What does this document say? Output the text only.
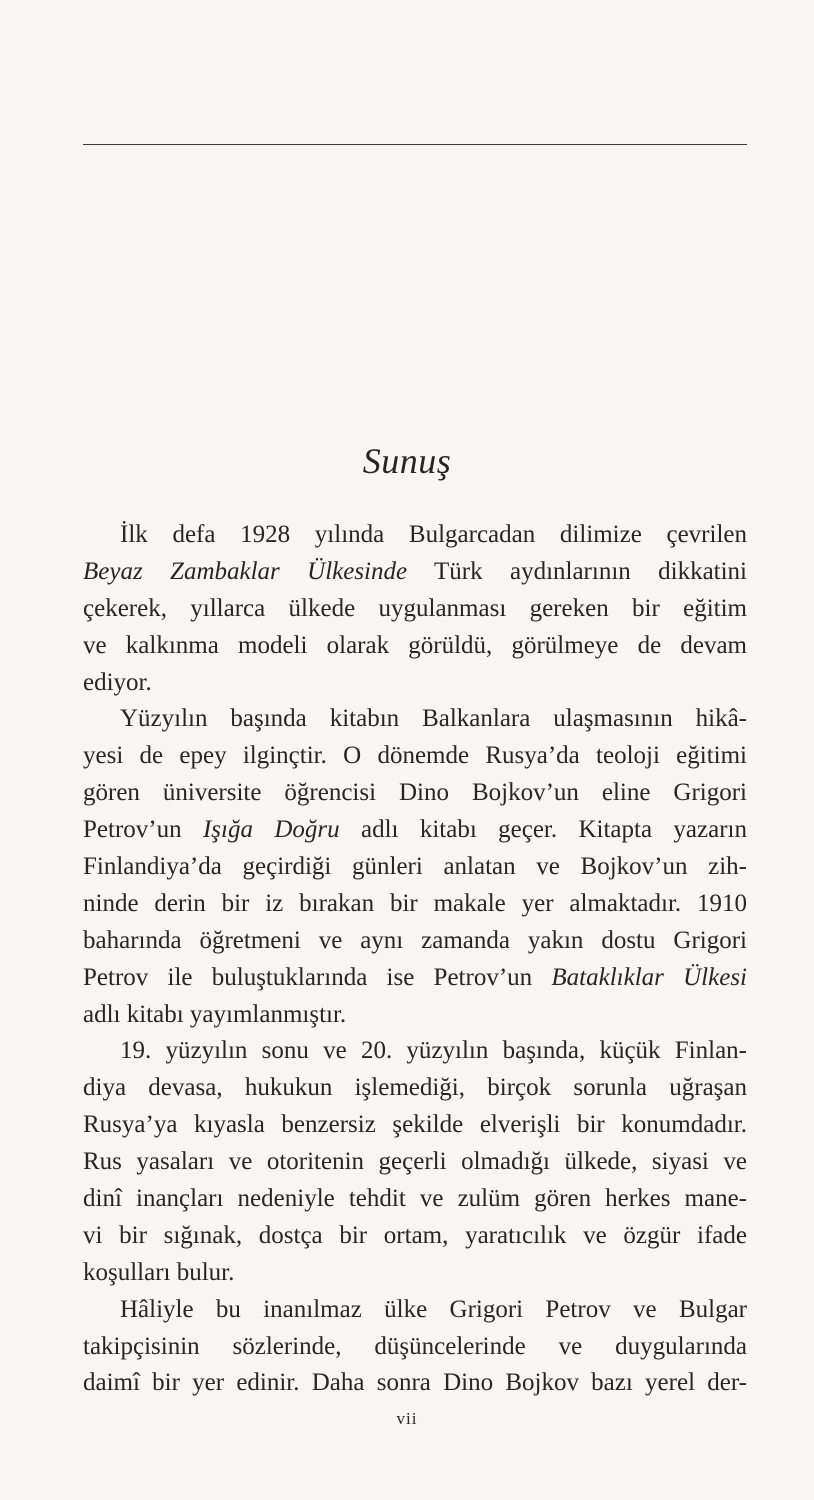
Sunuş
İlk defa 1928 yılında Bulgarcadan dilimize çevrilen
Beyaz Zambaklar Ülkesinde Türk aydınlarının dikkatini
çekerek, yıllarca ülkede uygulanması gereken bir eğitim
ve kalkınma modeli olarak görüldü, görülmeye de devam
ediyor.
Yüzyılın başında kitabın Balkanlara ulaşmasının hikâ-
yesi de epey ilginçtir. O dönemde Rusya’da teoloji eğitimi
gören üniversite öğrencisi Dino Bojkov’un eline Grigori
Petrov’un Işığa Doğru adlı kitabı geçer. Kitapta yazarın
Finlandiya’da geçirdiği günleri anlatan ve Bojkov’un zih-
ninde derin bir iz bırakan bir makale yer almaktadır. 1910
baharında öğretmeni ve aynı zamanda yakın dostu Grigori
Petrov ile buluştuklarında ise Petrov’un Bataklıklar Ülkesi
adlı kitabı yayımlanmıştır.
19. yüzyılın sonu ve 20. yüzyılın başında, küçük Finlan-
diya devasa, hukukun işlemediği, birçok sorunla uğraşan
Rusya’ya kıyasla benzersiz şekilde elverişli bir konumdadır.
Rus yasaları ve otoritenin geçerli olmadığı ülkede, siyasi ve
dinî inançları nedeniyle tehdit ve zulüm gören herkes mane-
vi bir sığınak, dostça bir ortam, yaratıcılık ve özgür ifade
koşulları bulur.
Hâliyle bu inanılmaz ülke Grigori Petrov ve Bulgar
takipçisinin sözlerinde, düşüncelerinde ve duygularında
daimî bir yer edinir. Daha sonra Dino Bojkov bazı yerel der-
vii
